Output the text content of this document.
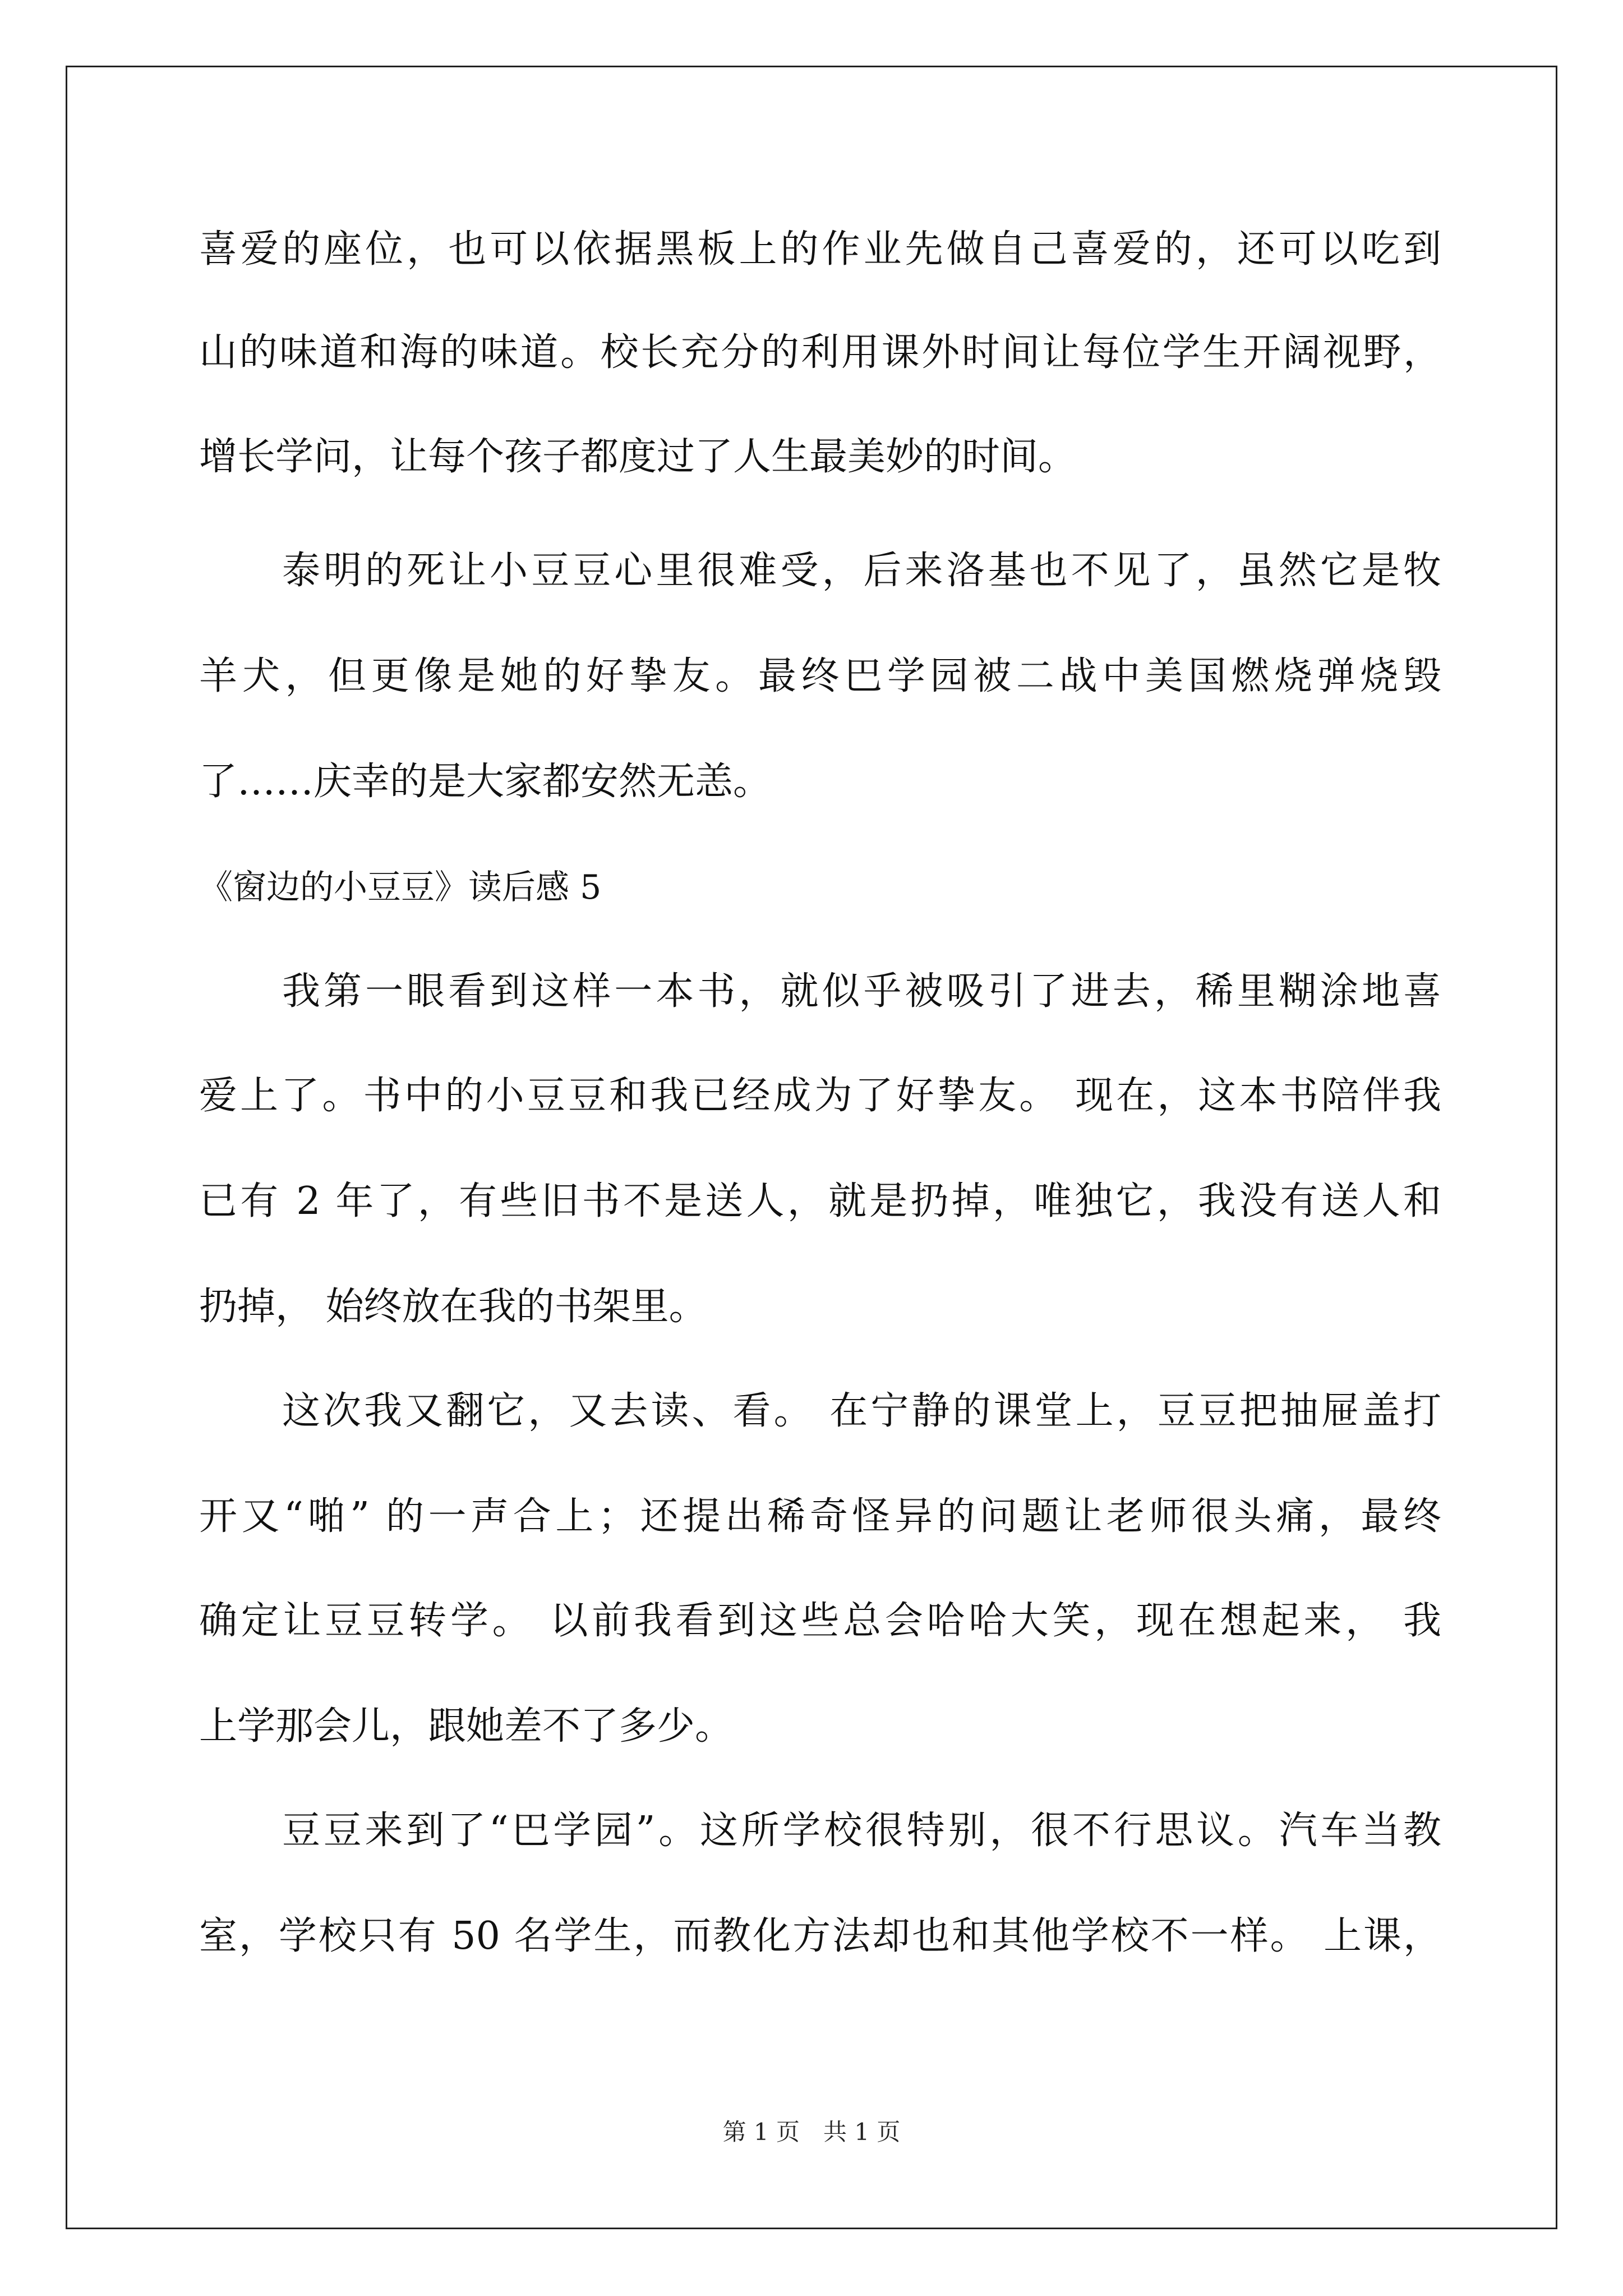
喜爱的座位，也可以依据黑板上的作业先做自己喜爱的，还可以吃到
山的味道和海的味道。校长充分的利用课外时间让每位学生开阔视野，
增长学问，让每个孩子都度过了人生最美妙的时间。
泰明的死让小豆豆心里很难受，后来洛基也不见了，虽然它是牧
羊犬，但更像是她的好挚友。最终巴学园被二战中美国燃烧弹烧毁
了……庆幸的是大家都安然无恙。
《窗边的小豆豆》读后感 5
我第一眼看到这样一本书，就似乎被吸引了进去，稀里糊涂地喜
爱上了。书中的小豆豆和我已经成为了好挚友。 现在，这本书陪伴我
已有 2 年了，有些旧书不是送人，就是扔掉，唯独它，我没有送人和
扔掉， 始终放在我的书架里。
这次我又翻它，又去读、看。 在宁静的课堂上，豆豆把抽屉盖打
开又“啪” 的一声合上；还提出稀奇怪异的问题让老师很头痛，最终
确定让豆豆转学。 以前我看到这些总会哈哈大笑，现在想起来， 我
上学那会儿，跟她差不了多少。
豆豆来到了“巴学园”。这所学校很特别，很不行思议。汽车当教
室，学校只有 50 名学生，而教化方法却也和其他学校不一样。 上课，
第 1 页　共 1 页
